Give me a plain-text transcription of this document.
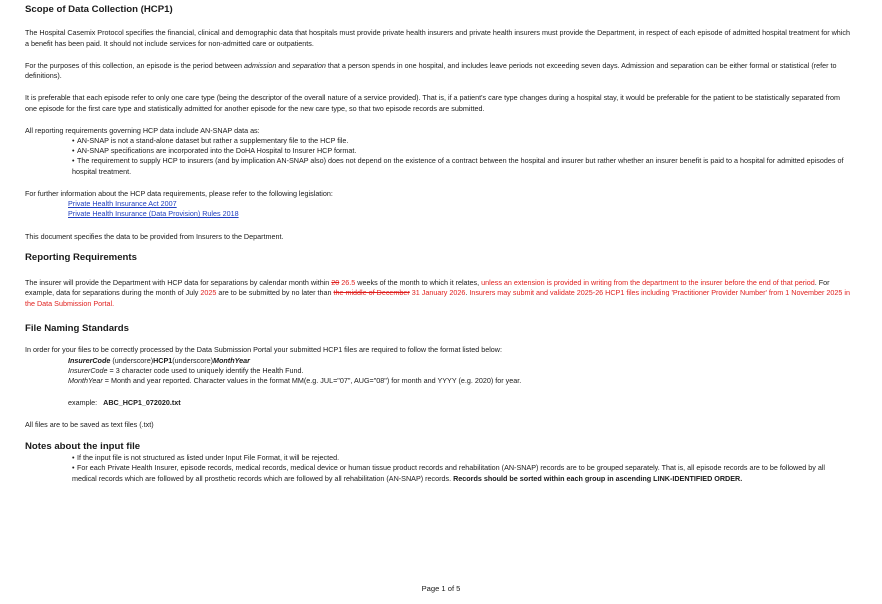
Scope of Data Collection (HCP1)

The Hospital Casemix Protocol specifies the financial, clinical and demographic data that hospitals must provide private health insurers and private health insurers must provide the Department, in respect of each episode of admitted hospital treatment for which a benefit has been paid. It should not include services for non-admitted care or outpatients.

For the purposes of this collection, an episode is the period between admission and separation that a person spends in one hospital, and includes leave periods not exceeding seven days. Admission and separation can be either formal or statistical (refer to definitions).

It is preferable that each episode refer to only one care type (being the descriptor of the overall nature of a service provided). That is, if a patient's care type changes during a hospital stay, it would be preferable for the patient to be statistically separated from one episode for the first care type and statistically admitted for another episode for the new care type, so that two episode records are submitted.

All reporting requirements governing HCP data include AN-SNAP data as:

• AN-SNAP is not a stand-alone dataset but rather a supplementary file to the HCP file.

• AN-SNAP specifications are incorporated into the DoHA Hospital to Insurer HCP format.

• The requirement to supply HCP to insurers (and by implication AN-SNAP also) does not depend on the existence of a contract between the hospital and insurer but rather whether an insurer benefit is paid to a hospital for admitted episodes of hospital treatment.

For further information about the HCP data requirements, please refer to the following legislation:

Private Health Insurance Act 2007
Private Health Insurance (Data Provision) Rules 2018

This document specifies the data to be provided from Insurers to the Department.

Reporting Requirements

The insurer will provide the Department with HCP data for separations by calendar month within 20 26.5 weeks of the month to which it relates, unless an extension is provided in writing from the department to the insurer before the end of that period. For example, data for separations during the month of July 2025 are to be submitted by no later than the middle of December 31 January 2026. Insurers may submit and validate 2025-26 HCP1 files including 'Practitioner Provider Number' from 1 November 2025 in the Data Submission Portal.

File Naming Standards

In order for your files to be correctly processed by the Data Submission Portal your submitted HCP1 files are required to follow the format listed below:

InsurerCode (underscore)HCP1(underscore)MonthYear

InsurerCode = 3 character code used to uniquely identify the Health Fund.

MonthYear = Month and year reported. Character values in the format MM(e.g. JUL="07", AUG="08") for month and YYYY (e.g. 2020) for year.

example: ABC_HCP1_072020.txt

All files are to be saved as text files (.txt)

Notes about the input file

• If the input file is not structured as listed under Input File Format, it will be rejected.

• For each Private Health Insurer, episode records, medical records, medical device or human tissue product records and rehabilitation (AN-SNAP) records are to be grouped separately. That is, all episode records are to be followed by all medical records which are followed by all prosthetic records which are followed by all rehabilitation (AN-SNAP) records. Records should be sorted within each group in ascending LINK-IDENTIFIED ORDER.

Page 1 of 5
